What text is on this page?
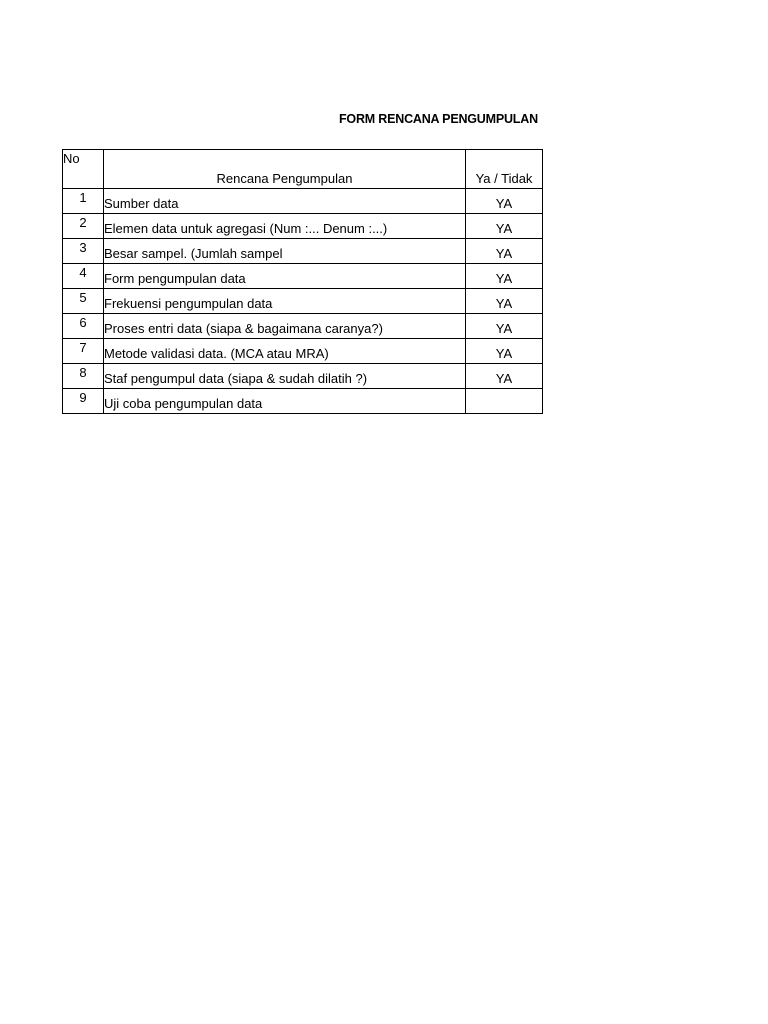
FORM RENCANA PENGUMPULAN
No	Rencana Pengumpulan	Ya / Tidak
1	Sumber data	YA
2	Elemen data untuk agregasi (Num :... Denum :...)	YA
3	Besar sampel. (Jumlah sampel	YA
4	Form pengumpulan data	YA
5	Frekuensi pengumpulan data	YA
6	Proses entri data (siapa & bagaimana caranya?)	YA
7	Metode validasi data. (MCA atau MRA)	YA
8	Staf pengumpul data (siapa & sudah dilatih ?)	YA
9	Uji coba pengumpulan data	
